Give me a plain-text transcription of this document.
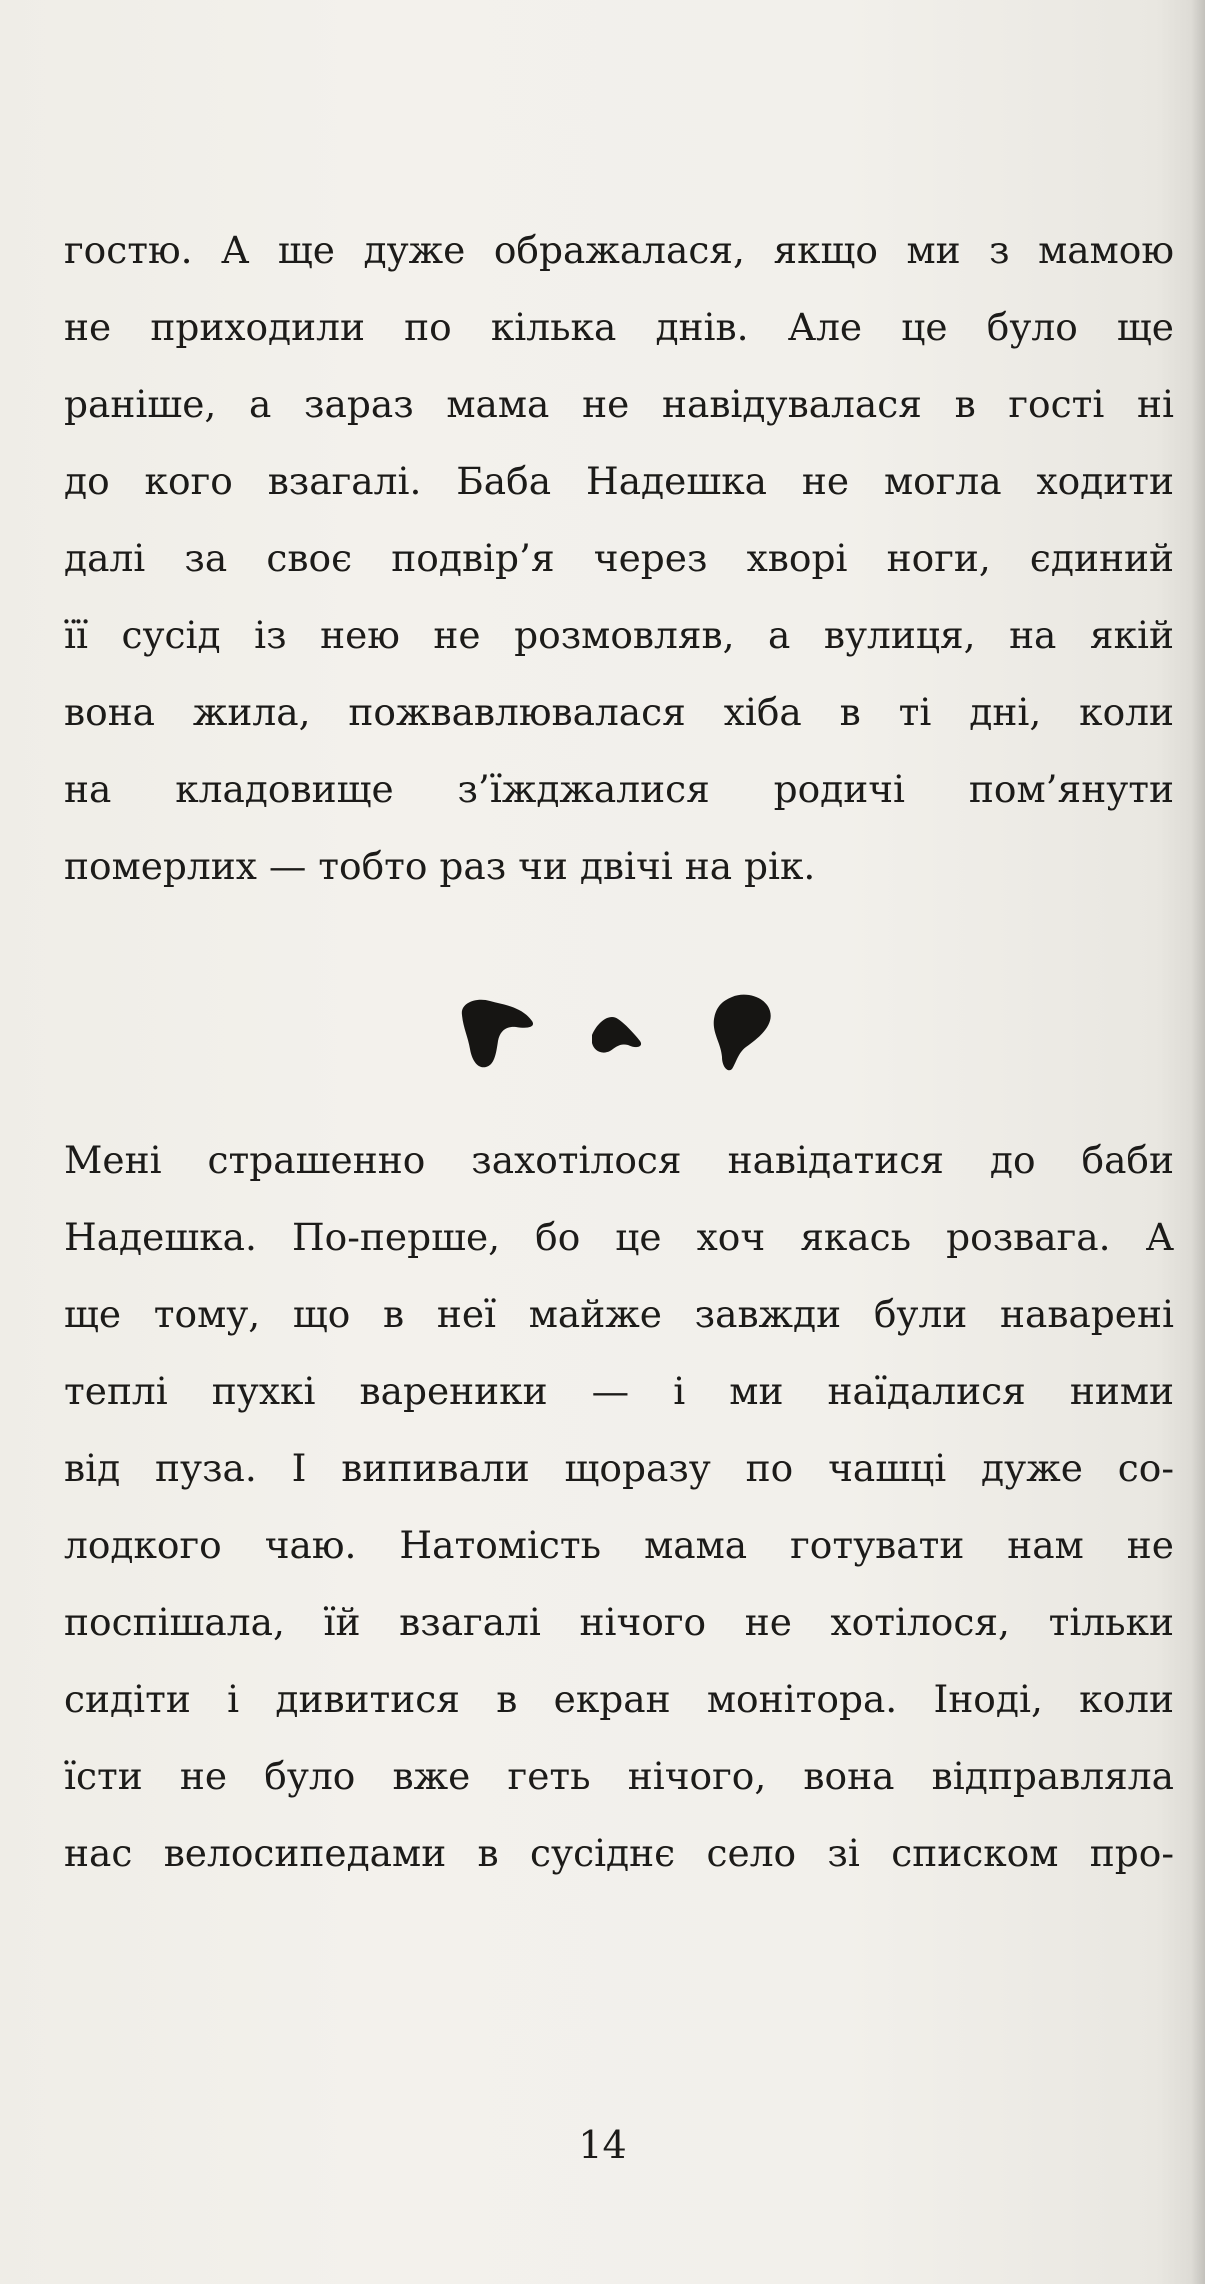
гостю. А ще дуже ображалася, якщо ми з мамою
не приходили по кілька днів. Але це було ще
раніше, а зараз мама не навідувалася в гості ні
до кого взагалі. Баба Надешка не могла ходити
далі за своє подвір’я через хворі ноги, єдиний
її сусід із нею не розмовляв, а вулиця, на якій
вона жила, пожвавлювалася хіба в ті дні, коли
на кладовище з’їжджалися родичі пом’янути
померлих — тобто раз чи двічі на рік.
Мені страшенно захотілося навідатися до баби
Надешка. По-перше, бо це хоч якась розвага. А
ще тому, що в неї майже завжди були наварені
теплі пухкі вареники — і ми наїдалися ними
від пуза. І випивали щоразу по чашці дуже со-
лодкого чаю. Натомість мама готувати нам не
поспішала, їй взагалі нічого не хотілося, тільки
сидіти і дивитися в екран монітора. Іноді, коли
їсти не було вже геть нічого, вона відправляла
нас велосипедами в сусіднє село зі списком про-
14
